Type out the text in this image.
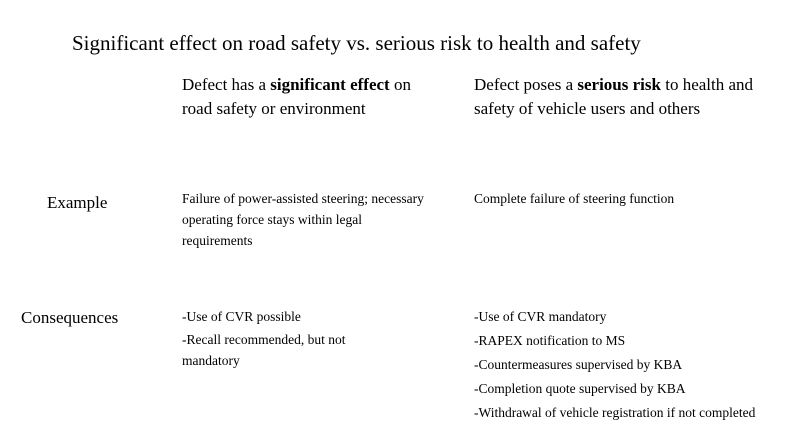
Significant effect on road safety vs. serious risk to health and safety
Defect has a significant effect on road safety or environment
Defect poses a serious risk to health and safety of vehicle users and others
Example	Failure of power-assisted steering; necessary operating force stays within legal requirements
Complete failure of steering function
Consequences	-Use of CVR possible
-Recall recommended, but not mandatory
-Use of CVR mandatory
-RAPEX notification to MS
-Countermeasures supervised by KBA
-Completion quote supervised by KBA
-Withdrawal of vehicle registration if not completed
